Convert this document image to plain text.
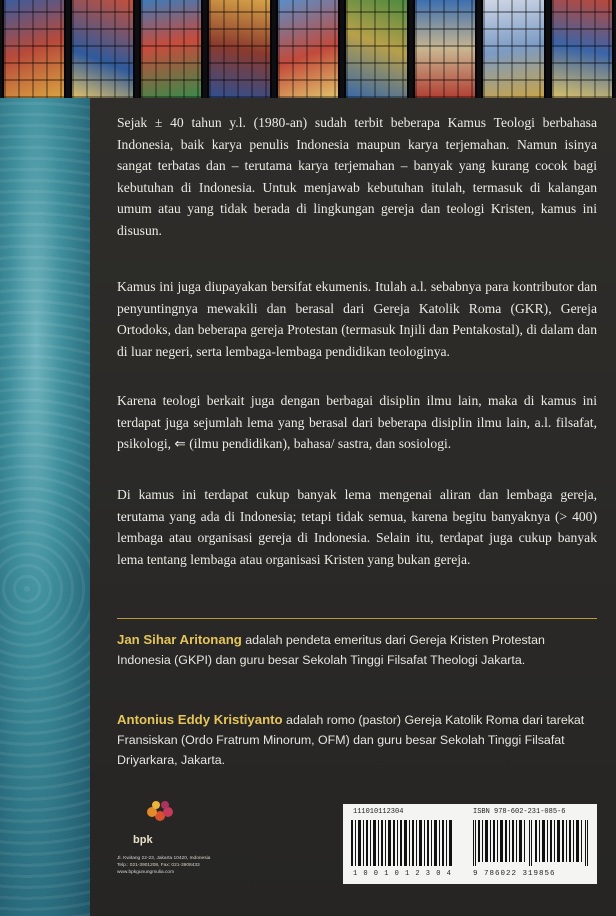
Sejak ± 40 tahun y.l. (1980-an) sudah terbit beberapa Kamus Teologi berbahasa Indonesia, baik karya penulis Indonesia maupun karya terjemahan. Namun isinya sangat terbatas dan – terutama karya terjemahan – banyak yang kurang cocok bagi kebutuhan di Indonesia. Untuk menjawab kebutuhan itulah, termasuk di kalangan umum atau yang tidak berada di lingkungan gereja dan teologi Kristen, kamus ini disusun.

Kamus ini juga diupayakan bersifat ekumenis. Itulah a.l. sebabnya para kontributor dan penyuntingnya mewakili dan berasal dari Gereja Katolik Roma (GKR), Gereja Ortodoks, dan beberapa gereja Protestan (termasuk Injili dan Pentakostal), di dalam dan di luar negeri, serta lembaga-lembaga pendidikan teologinya.

Karena teologi berkait juga dengan berbagai disiplin ilmu lain, maka di kamus ini terdapat juga sejumlah lema yang berasal dari beberapa disiplin ilmu lain, a.l. filsafat, psikologi, ⇐ (ilmu pendidikan), bahasa/ sastra, dan sosiologi.

Di kamus ini terdapat cukup banyak lema mengenai aliran dan lembaga gereja, terutama yang ada di Indonesia; tetapi tidak semua, karena begitu banyaknya (> 400) lembaga atau organisasi gereja di Indonesia. Selain itu, terdapat juga cukup banyak lema tentang lembaga atau organisasi Kristen yang bukan gereja.

Jan Sihar Aritonang adalah pendeta emeritus dari Gereja Kristen Protestan Indonesia (GKPI) dan guru besar Sekolah Tinggi Filsafat Theologi Jakarta.
Antonius Eddy Kristiyanto adalah romo (pastor) Gereja Katolik Roma dari tarekat Fransiskan (Ordo Fratrum Minorum, OFM) dan guru besar Sekolah Tinggi Filsafat Driyarkara, Jakarta.
bpk
Jl. Kwitang 22-23, Jakarta 10420, Indonesia
Telp.: 021-3901208, Fax: 021-3908433
www.bpkgunungmulia.com
111010112304
1 0 0 1 0 1 2 3 0 4
ISBN 978-602-231-085-6
9 786022 319856
